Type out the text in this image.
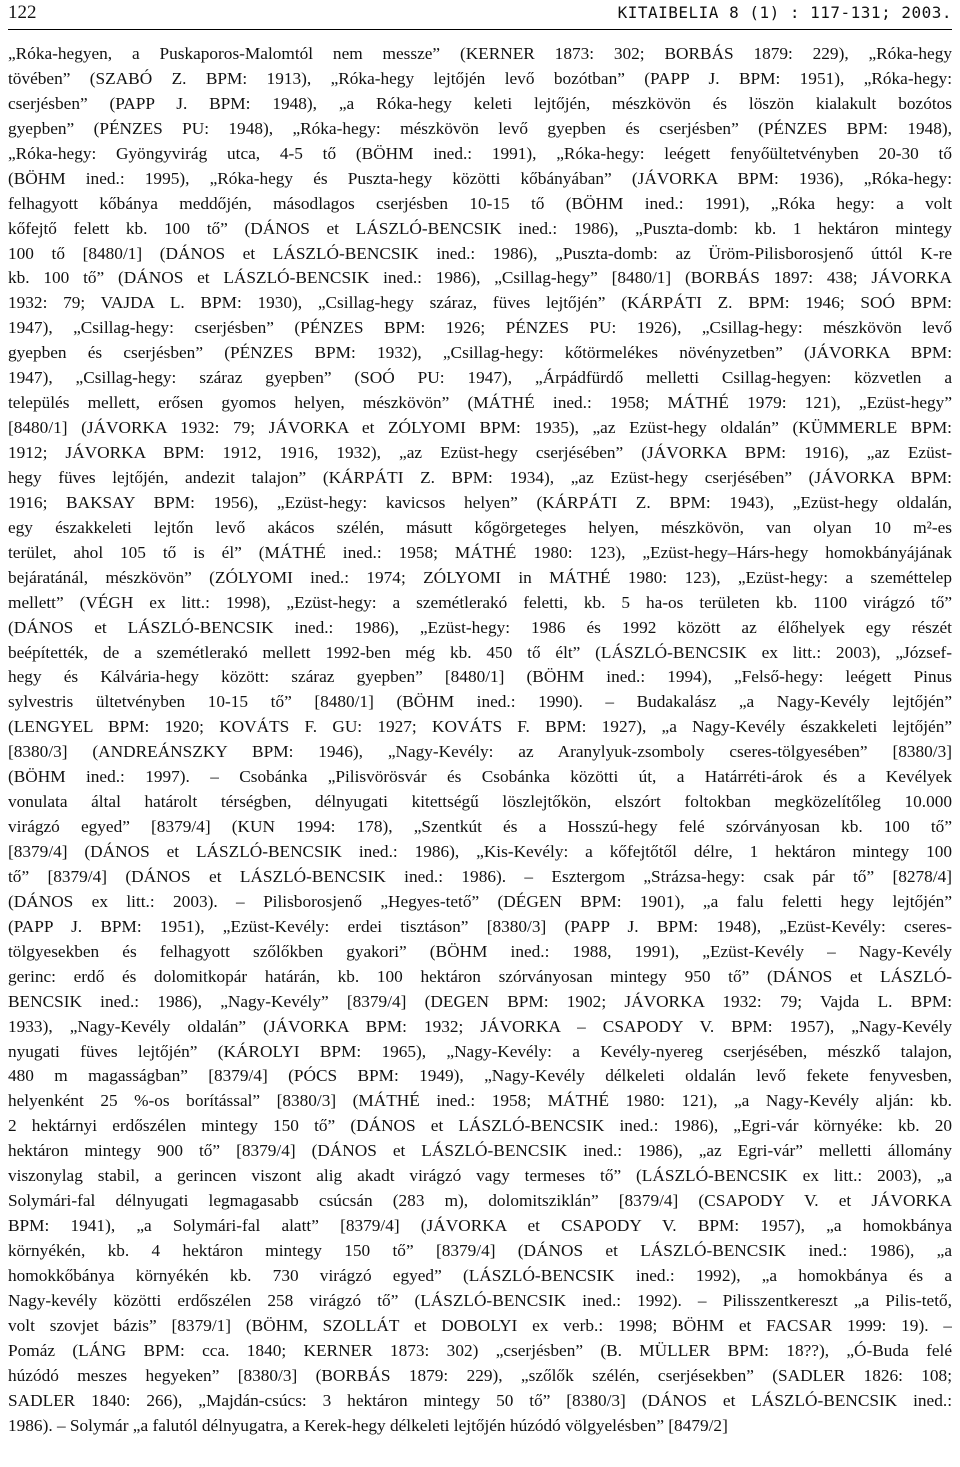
122	KITAIBELIA 8 (1) : 117-131; 2003.
„Róka-hegyen, a Puskaporos-Malomtól nem messze” (KERNER 1873: 302; BORBÁS 1879: 229), „Róka-hegy
tövében” (SZABÓ Z. BPM: 1913), „Róka-hegy lejtőjén levő bozótban” (PAPP J. BPM: 1951), „Róka-hegy:
cserjésben” (PAPP J. BPM: 1948), „a Róka-hegy keleti lejtőjén, mészkövön és löszön kialakult bozótos
gyepben” (PÉNZES PU: 1948), „Róka-hegy: mészkövön levő gyepben és cserjésben” (PÉNZES BPM: 1948),
„Róka-hegy: Gyöngyvirág utca, 4-5 tő (BÖHM ined.: 1991), „Róka-hegy: leégett fenyőültetvényben 20-30 tő
(BÖHM ined.: 1995), „Róka-hegy és Puszta-hegy közötti kőbányában” (JÁVORKA BPM: 1936), „Róka-hegy:
felhagyott kőbánya meddőjén, másodlagos cserjésben 10-15 tő (BÖHM ined.: 1991), „Róka hegy: a volt
kőfejtő felett kb. 100 tő” (DÁNOS et LÁSZLÓ-BENCSIK ined.: 1986), „Puszta-domb: kb. 1 hektáron mintegy
100 tő [8480/1] (DÁNOS et LÁSZLÓ-BENCSIK ined.: 1986), „Puszta-domb: az Üröm-Pilisborosjenő úttól K-re
kb. 100 tő” (DÁNOS et LÁSZLÓ-BENCSIK ined.: 1986), „Csillag-hegy” [8480/1] (BORBÁS 1897: 438; JÁVORKA
1932: 79; VAJDA L. BPM: 1930), „Csillag-hegy száraz, füves lejtőjén” (KÁRPÁTI Z. BPM: 1946; SOÓ BPM:
1947), „Csillag-hegy: cserjésben” (PÉNZES BPM: 1926; PÉNZES PU: 1926), „Csillag-hegy: mészkövön levő
gyepben és cserjésben” (PÉNZES BPM: 1932), „Csillag-hegy: kőtörmelékes növényzetben” (JÁVORKA BPM:
1947), „Csillag-hegy: száraz gyepben” (SOÓ PU: 1947), „Árpádfürdő melletti Csillag-hegyen: közvetlen a
település mellett, erősen gyomos helyen, mészkövön” (MÁTHÉ ined.: 1958; MÁTHÉ 1979: 121), „Ezüst-hegy”
[8480/1] (JÁVORKA 1932: 79; JÁVORKA et ZÓLYOMI BPM: 1935), „az Ezüst-hegy oldalán” (KÜMMERLE BPM:
1912; JÁVORKA BPM: 1912, 1916, 1932), „az Ezüst-hegy cserjésében” (JÁVORKA BPM: 1916), „az Ezüst-
hegy füves lejtőjén, andezit talajon” (KÁRPÁTI Z. BPM: 1934), „az Ezüst-hegy cserjésében” (JÁVORKA BPM:
1916; BAKSAY BPM: 1956), „Ezüst-hegy: kavicsos helyen” (KÁRPÁTI Z. BPM: 1943), „Ezüst-hegy oldalán,
egy északkeleti lejtőn levő akácos szélén, másutt kőgörgeteges helyen, mészkövön, van olyan 10 m²-es
terület, ahol 105 tő is él” (MÁTHÉ ined.: 1958; MÁTHÉ 1980: 123), „Ezüst-hegy–Hárs-hegy homokbányájának
bejáratánál, mészkövön” (ZÓLYOMI ined.: 1974; ZÓLYOMI in MÁTHÉ 1980: 123), „Ezüst-hegy: a szeméttelep
mellett” (VÉGH ex litt.: 1998), „Ezüst-hegy: a szemétlerakó feletti, kb. 5 ha-os területen kb. 1100 virágzó tő”
(DÁNOS et LÁSZLÓ-BENCSIK ined.: 1986), „Ezüst-hegy: 1986 és 1992 között az élőhelyek egy részét
beépítették, de a szemétlerakó mellett 1992-ben még kb. 450 tő élt” (LÁSZLÓ-BENCSIK ex litt.: 2003), „József-
hegy és Kálvária-hegy között: száraz gyepben” [8480/1] (BÖHM ined.: 1994), „Felső-hegy: leégett Pinus
sylvestris ültetvényben 10-15 tő” [8480/1] (BÖHM ined.: 1990). – Budakalász „a Nagy-Kevély lejtőjén”
(LENGYEL BPM: 1920; KOVÁTS F. GU: 1927; KOVÁTS F. BPM: 1927), „a Nagy-Kevély északkeleti lejtőjén”
[8380/3] (ANDREÁNSZKY BPM: 1946), „Nagy-Kevély: az Aranylyuk-zsomboly cseres-tölgyesében” [8380/3]
(BÖHM ined.: 1997). – Csobánka „Pilisvörösvár és Csobánka közötti út, a Határréti-árok és a Kevélyek
vonulata által határolt térségben, délnyugati kitettségű löszlejtőkön, elszórt foltokban megközelítőleg 10.000
virágzó egyed” [8379/4] (KUN 1994: 178), „Szentkút és a Hosszú-hegy felé szórványosan kb. 100 tő”
[8379/4] (DÁNOS et LÁSZLÓ-BENCSIK ined.: 1986), „Kis-Kevély: a kőfejtőtől délre, 1 hektáron mintegy 100
tő” [8379/4] (DÁNOS et LÁSZLÓ-BENCSIK ined.: 1986). – Esztergom „Strázsa-hegy: csak pár tő” [8278/4]
(DÁNOS ex litt.: 2003). – Pilisborosjenő „Hegyes-tető” (DÉGEN BPM: 1901), „a falu feletti hegy lejtőjén”
(PAPP J. BPM: 1951), „Ezüst-Kevély: erdei tisztáson” [8380/3] (PAPP J. BPM: 1948), „Ezüst-Kevély: cseres-
tölgyesekben és felhagyott szőlőkben gyakori” (BÖHM ined.: 1988, 1991), „Ezüst-Kevély – Nagy-Kevély
gerinc: erdő és dolomitkopár határán, kb. 100 hektáron szórványosan mintegy 950 tő” (DÁNOS et LÁSZLÓ-
BENCSIK ined.: 1986), „Nagy-Kevély” [8379/4] (DEGEN BPM: 1902; JÁVORKA 1932: 79; Vajda L. BPM:
1933), „Nagy-Kevély oldalán” (JÁVORKA BPM: 1932; JÁVORKA – CSAPODY V. BPM: 1957), „Nagy-Kevély
nyugati füves lejtőjén” (KÁROLYI BPM: 1965), „Nagy-Kevély: a Kevély-nyereg cserjésében, mészkő talajon,
480 m magasságban” [8379/4] (PÓCS BPM: 1949), „Nagy-Kevély délkeleti oldalán levő fekete fenyvesben,
helyenként 25 %-os borítással” [8380/3] (MÁTHÉ ined.: 1958; MÁTHÉ 1980: 121), „a Nagy-Kevély alján: kb.
2 hektárnyi erdőszélen mintegy 150 tő” (DÁNOS et LÁSZLÓ-BENCSIK ined.: 1986), „Egri-vár környéke: kb. 20
hektáron mintegy 900 tő” [8379/4] (DÁNOS et LÁSZLÓ-BENCSIK ined.: 1986), „az Egri-vár” melletti állomány
viszonylag stabil, a gerincen viszont alig akadt virágzó vagy termeses tő” (LÁSZLÓ-BENCSIK ex litt.: 2003), „a
Solymári-fal délnyugati legmagasabb csúcsán (283 m), dolomitsziklán” [8379/4] (CSAPODY V. et JÁVORKA
BPM: 1941), „a Solymári-fal alatt” [8379/4] (JÁVORKA et CSAPODY V. BPM: 1957), „a homokbánya
környékén, kb. 4 hektáron mintegy 150 tő” [8379/4] (DÁNOS et LÁSZLÓ-BENCSIK ined.: 1986), „a
homokkőbánya környékén kb. 730 virágzó egyed” (LÁSZLÓ-BENCSIK ined.: 1992), „a homokbánya és a
Nagy-kevély közötti erdőszélen 258 virágzó tő” (LÁSZLÓ-BENCSIK ined.: 1992). – Pilisszentkereszt „a Pilis-tető,
volt szovjet bázis” [8379/1] (BÖHM, SZOLLÁT et DOBOLYI ex verb.: 1998; BÖHM et FACSAR 1999: 19). –
Pomáz (LÁNG BPM: cca. 1840; KERNER 1873: 302) „cserjésben” (B. MÜLLER BPM: 18??), „Ó-Buda felé
húzódó meszes hegyeken” [8380/3] (BORBÁS 1879: 229), „szőlők szélén, cserjésekben” (SADLER 1826: 108;
SADLER 1840: 266), „Majdán-csúcs: 3 hektáron mintegy 50 tő” [8380/3] (DÁNOS et LÁSZLÓ-BENCSIK ined.:
1986). – Solymár „a falutól délnyugatra, a Kerek-hegy délkeleti lejtőjén húzódó völgyelésben” [8479/2]
